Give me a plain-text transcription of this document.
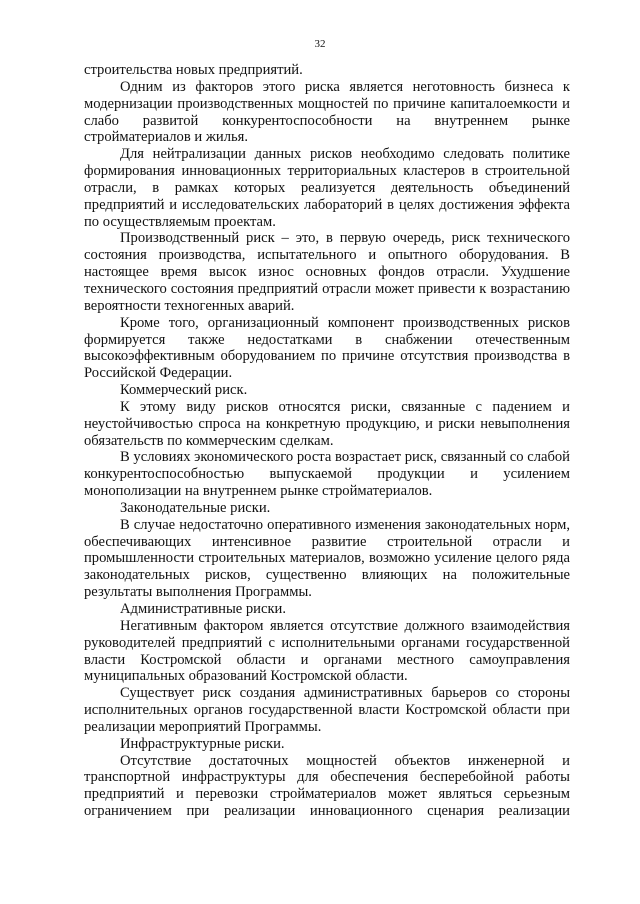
32

строительства новых предприятий.

Одним из факторов этого риска является неготовность бизнеса к модернизации производственных мощностей по причине капиталоемкости и слабо развитой конкурентоспособности на внутреннем рынке стройматериалов и жилья.

Для нейтрализации данных рисков необходимо следовать политике формирования инновационных территориальных кластеров в строительной отрасли, в рамках которых реализуется деятельность объединений предприятий и исследовательских лабораторий в целях достижения эффекта по осуществляемым проектам.

Производственный риск – это, в первую очередь, риск технического состояния производства, испытательного и опытного оборудования. В настоящее время высок износ основных фондов отрасли. Ухудшение технического состояния предприятий отрасли может привести к возрастанию вероятности техногенных аварий.

Кроме того, организационный компонент производственных рисков формируется также недостатками в снабжении отечественным высокоэффективным оборудованием по причине отсутствия производства в Российской Федерации.

Коммерческий риск.

К этому виду рисков относятся риски, связанные с падением и неустойчивостью спроса на конкретную продукцию, и риски невыполнения обязательств по коммерческим сделкам.

В условиях экономического роста возрастает риск, связанный со слабой конкурентоспособностью выпускаемой продукции и усилением монополизации на внутреннем рынке стройматериалов.

Законодательные риски.

В случае недостаточно оперативного изменения законодательных норм, обеспечивающих интенсивное развитие строительной отрасли и промышленности строительных материалов, возможно усиление целого ряда законодательных рисков, существенно влияющих на положительные результаты выполнения Программы.

Административные риски.

Негативным фактором является отсутствие должного взаимодействия руководителей предприятий с исполнительными органами государственной власти Костромской области и органами местного самоуправления муниципальных образований Костромской области.

Существует риск создания административных барьеров со стороны исполнительных органов государственной власти Костромской области при реализации мероприятий Программы.

Инфраструктурные риски.

Отсутствие достаточных мощностей объектов инженерной и транспортной инфраструктуры для обеспечения бесперебойной работы предприятий и перевозки стройматериалов может являться серьезным ограничением при реализации инновационного сценария реализации
